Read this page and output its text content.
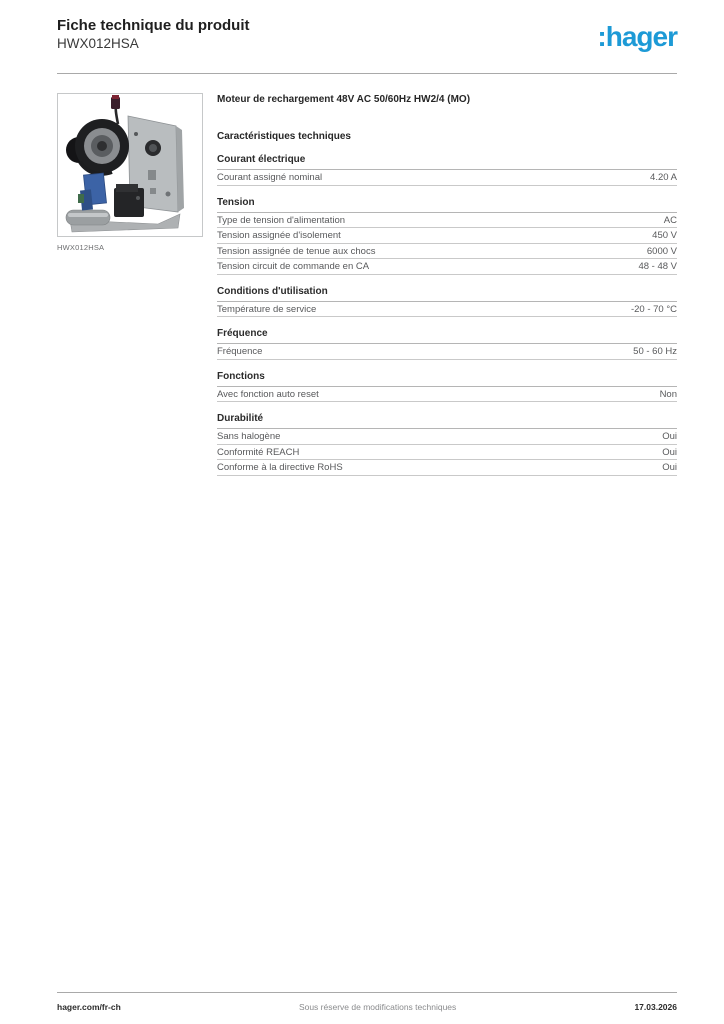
Fiche technique du produit
HWX012HSA	:hager
HWX012HSA
Moteur de rechargement 48V AC 50/60Hz HW2/4 (MO)
Caractéristiques techniques
Courant électrique
Courant assigné nominal	4.20 A
Tension
Type de tension d'alimentation	AC
Tension assignée d'isolement	450 V
Tension assignée de tenue aux chocs	6000 V
Tension circuit de commande en CA	48 - 48 V
Conditions d'utilisation
Température de service	-20 - 70 °C
Fréquence
Fréquence	50 - 60 Hz
Fonctions
Avec fonction auto reset	Non
Durabilité
Sans halogène	Oui
Conformité REACH	Oui
Conforme à la directive RoHS	Oui
hager.com/fr-ch	Sous réserve de modifications techniques	17.03.2026
